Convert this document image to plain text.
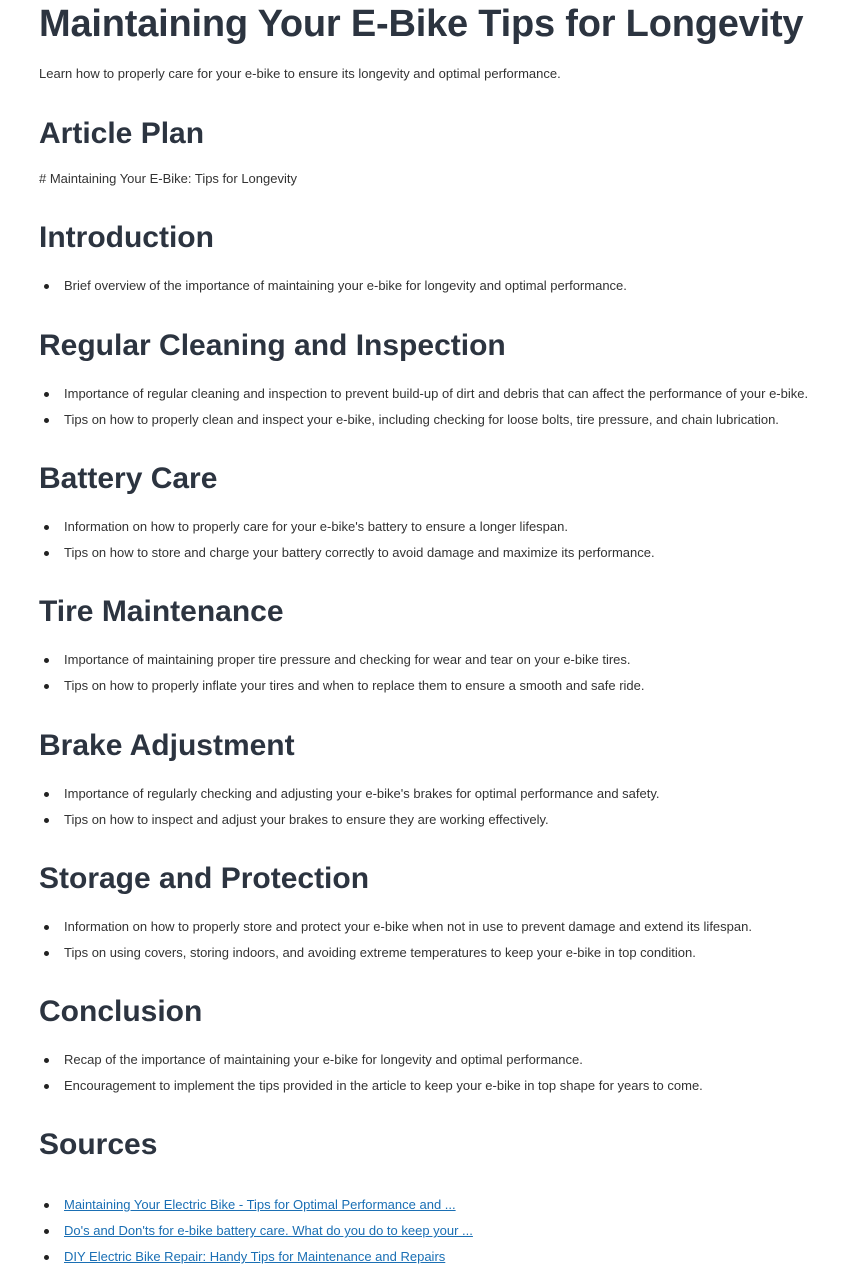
Maintaining Your E-Bike Tips for Longevity

Learn how to properly care for your e-bike to ensure its longevity and optimal performance.

Article Plan

# Maintaining Your E-Bike: Tips for Longevity

Introduction
Brief overview of the importance of maintaining your e-bike for longevity and optimal performance.
Regular Cleaning and Inspection
Importance of regular cleaning and inspection to prevent build-up of dirt and debris that can affect the performance of your e-bike.
Tips on how to properly clean and inspect your e-bike, including checking for loose bolts, tire pressure, and chain lubrication.
Battery Care
Information on how to properly care for your e-bike's battery to ensure a longer lifespan.
Tips on how to store and charge your battery correctly to avoid damage and maximize its performance.
Tire Maintenance
Importance of maintaining proper tire pressure and checking for wear and tear on your e-bike tires.
Tips on how to properly inflate your tires and when to replace them to ensure a smooth and safe ride.
Brake Adjustment
Importance of regularly checking and adjusting your e-bike's brakes for optimal performance and safety.
Tips on how to inspect and adjust your brakes to ensure they are working effectively.
Storage and Protection
Information on how to properly store and protect your e-bike when not in use to prevent damage and extend its lifespan.
Tips on using covers, storing indoors, and avoiding extreme temperatures to keep your e-bike in top condition.
Conclusion
Recap of the importance of maintaining your e-bike for longevity and optimal performance.
Encouragement to implement the tips provided in the article to keep your e-bike in top shape for years to come.
Sources
Maintaining Your Electric Bike - Tips for Optimal Performance and ...
Do's and Don'ts for e-bike battery care. What do you do to keep your ...
DIY Electric Bike Repair: Handy Tips for Maintenance and Repairs
